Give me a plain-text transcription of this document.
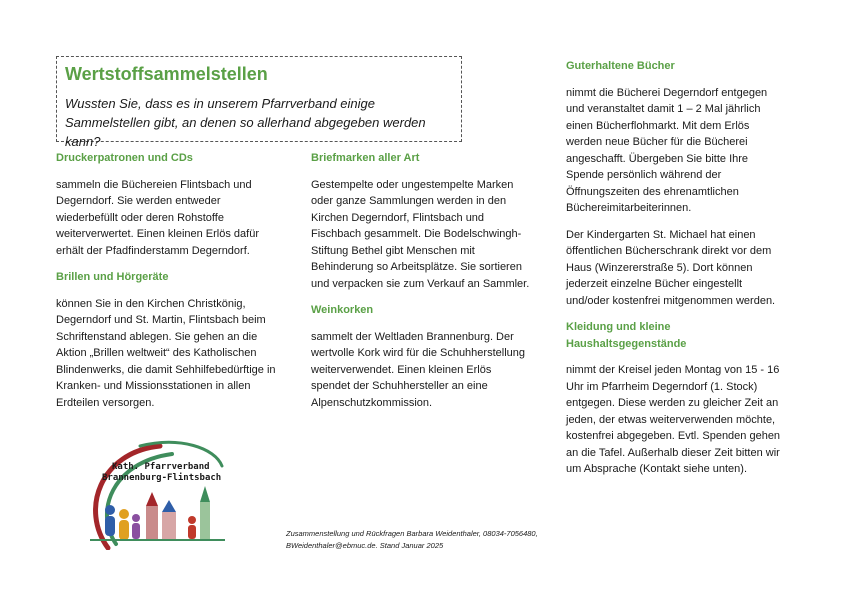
Wertstoffsammelstellen

Wussten Sie, dass es in unserem Pfarrverband einige Sammelstellen gibt, an denen so allerhand abgegeben werden kann?

Druckerpatronen und CDs

sammeln die Büchereien Flintsbach und Degerndorf. Sie werden entweder wiederbefüllt oder deren Rohstoffe weiterverwertet. Einen kleinen Erlös dafür erhält der Pfadfinderstamm Degerndorf.

Brillen und Hörgeräte

können Sie in den Kirchen Christkönig, Degerndorf und St. Martin, Flintsbach beim Schriftenstand ablegen. Sie gehen an die Aktion „Brillen weltweit“ des Katholischen Blindenwerks, die damit Sehhilfebedürftige in Kranken- und Missionsstationen in allen Erdteilen versorgen.

Briefmarken aller Art

Gestempelte oder ungestempelte Marken oder ganze Sammlungen werden in den Kirchen Degerndorf, Flintsbach und Fischbach gesammelt. Die Bodelschwingh-Stiftung Bethel gibt Menschen mit Behinderung so Arbeitsplätze. Sie sortieren und verpacken sie zum Verkauf an Sammler.

Weinkorken

sammelt der Weltladen Brannenburg. Der wertvolle Kork wird für die Schuhherstellung weiterverwendet. Einen kleinen Erlös spendet der Schuhhersteller an eine Alpenschutzkommission.

Guterhaltene Bücher

nimmt die Bücherei Degerndorf entgegen und veranstaltet damit 1 – 2 Mal jährlich einen Bücherflohmarkt. Mit dem Erlös werden neue Bücher für die Bücherei angeschafft. Übergeben Sie bitte Ihre Spende persönlich während der Öffnungszeiten des ehrenamtlichen Büchereimitarbeiterinnen.

Der Kindergarten St. Michael hat einen öffentlichen Bücherschrank direkt vor dem Haus (Winzererstraße 5). Dort können jederzeit einzelne Bücher eingestellt und/oder kostenfrei mitgenommen werden.

Kleidung und kleine Haushaltsgegenstände

nimmt der Kreisel jeden Montag von 15 - 16 Uhr im Pfarrheim Degerndorf (1. Stock) entgegen. Diese werden zu gleicher Zeit an jeden, der etwas weiterverwenden möchte, kostenfrei abgegeben. Evtl. Spenden gehen an die Tafel. Außerhalb dieser Zeit bitten wir um Absprache (Kontakt siehe unten).

Kath. Pfarrverband
Brannenburg-Flintsbach
Zusammenstellung und Rückfragen Barbara Weidenthaler, 08034-7056480,
BWeidenthaler@ebmuc.de. Stand Januar 2025
